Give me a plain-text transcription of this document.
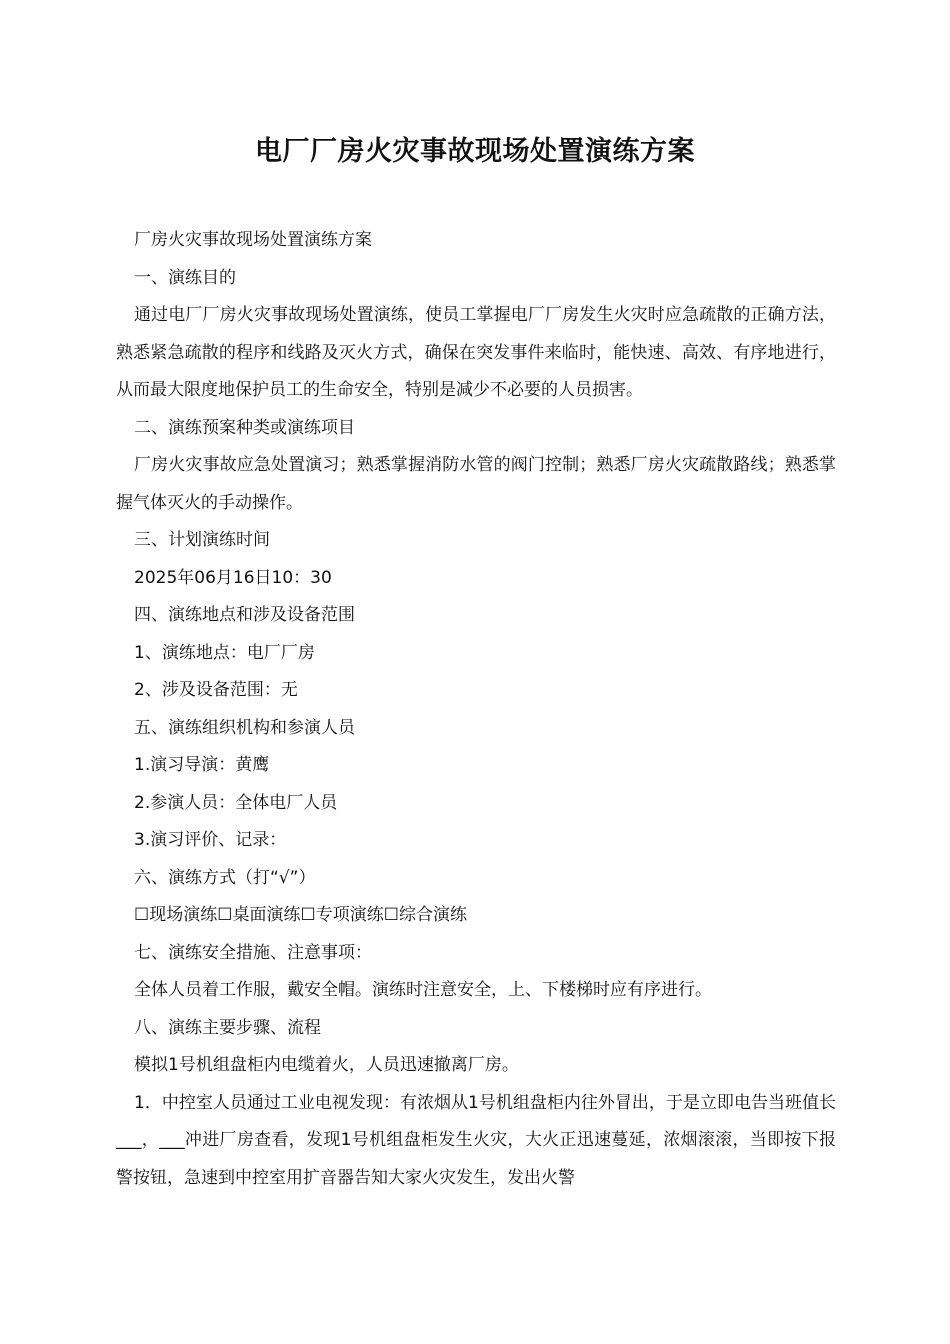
电厂厂房火灾事故现场处置演练方案

厂房火灾事故现场处置演练方案

一、演练目的

通过电厂厂房火灾事故现场处置演练，使员工掌握电厂厂房发生火灾时应急疏散的正确方法，熟悉紧急疏散的程序和线路及灭火方式，确保在突发事件来临时，能快速、高效、有序地进行，从而最大限度地保护员工的生命安全，特别是减少不必要的人员损害。

二、演练预案种类或演练项目

厂房火灾事故应急处置演习；熟悉掌握消防水管的阀门控制；熟悉厂房火灾疏散路线；熟悉掌握气体灭火的手动操作。

三、计划演练时间

2025年06月16日10：30

四、演练地点和涉及设备范围

1、演练地点：电厂厂房

2、涉及设备范围：无

五、演练组织机构和参演人员

1.演习导演：黄鹰

2.参演人员：全体电厂人员

3.演习评价、记录：

六、演练方式（打“√”）

☐现场演练☐桌面演练☐专项演练☐综合演练

七、演练安全措施、注意事项：

全体人员着工作服，戴安全帽。演练时注意安全，上、下楼梯时应有序进行。

八、演练主要步骤、流程

模拟1号机组盘柜内电缆着火，人员迅速撤离厂房。

1．中控室人员通过工业电视发现：有浓烟从1号机组盘柜内往外冒出，于是立即电告当班值长___，___冲进厂房查看，发现1号机组盘柜发生火灾，大火正迅速蔓延，浓烟滚滚，当即按下报警按钮，急速到中控室用扩音器告知大家火灾发生，发出火警
